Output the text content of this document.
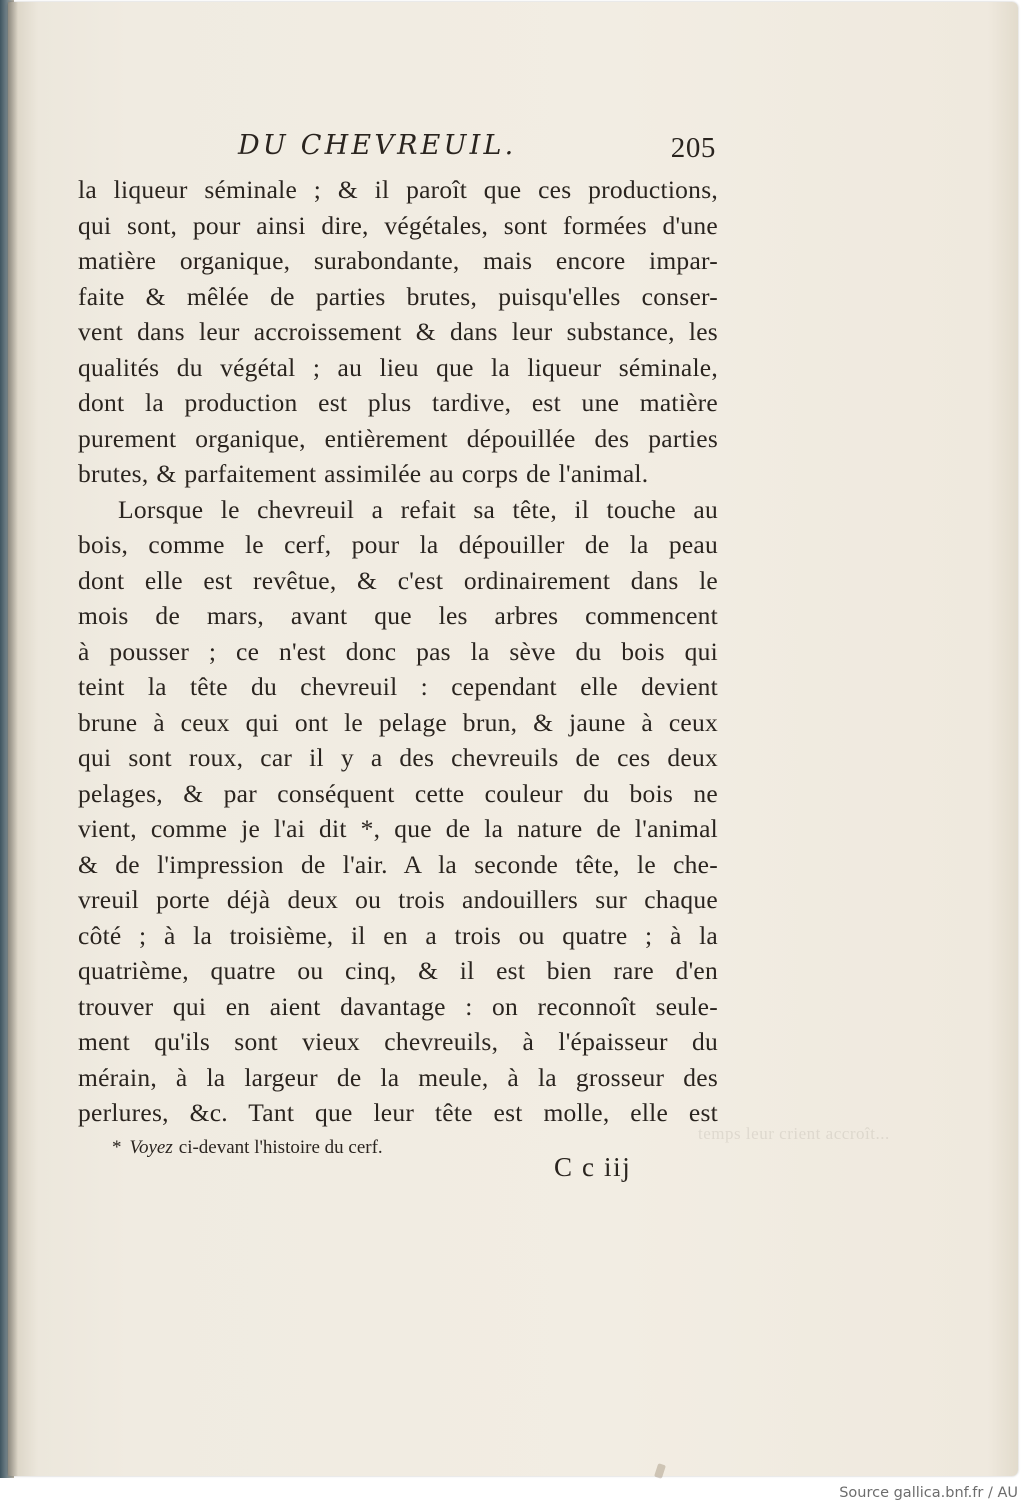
temps leur crient accroît...
DU CHEVREUIL.	205
la liqueur séminale ; & il paroît que ces productions,
qui sont, pour ainsi dire, végétales, sont formées d'une
matière organique, surabondante, mais encore impar-
faite & mêlée de parties brutes, puisqu'elles conser-
vent dans leur accroissement & dans leur substance, les
qualités du végétal ; au lieu que la liqueur séminale,
dont la production est plus tardive, est une matière
purement organique, entièrement dépouillée des parties
brutes, & parfaitement assimilée au corps de l'animal.
Lorsque le chevreuil a refait sa tête, il touche au
bois, comme le cerf, pour la dépouiller de la peau
dont elle est revêtue, & c'est ordinairement dans le
mois de mars, avant que les arbres commencent
à pousser ; ce n'est donc pas la sève du bois qui
teint la tête du chevreuil : cependant elle devient
brune à ceux qui ont le pelage brun, & jaune à ceux
qui sont roux, car il y a des chevreuils de ces deux
pelages, & par conséquent cette couleur du bois ne
vient, comme je l'ai dit *, que de la nature de l'animal
& de l'impression de l'air. A la seconde tête, le che-
vreuil porte déjà deux ou trois andouillers sur chaque
côté ; à la troisième, il en a trois ou quatre ; à la
quatrième, quatre ou cinq, & il est bien rare d'en
trouver qui en aient davantage : on reconnoît seule-
ment qu'ils sont vieux chevreuils, à l'épaisseur du
mérain, à la largeur de la meule, à la grosseur des
perlures, &c. Tant que leur tête est molle, elle est
* Voyez ci-devant l'histoire du cerf.
C c iij
Source gallica.bnf.fr / AU
